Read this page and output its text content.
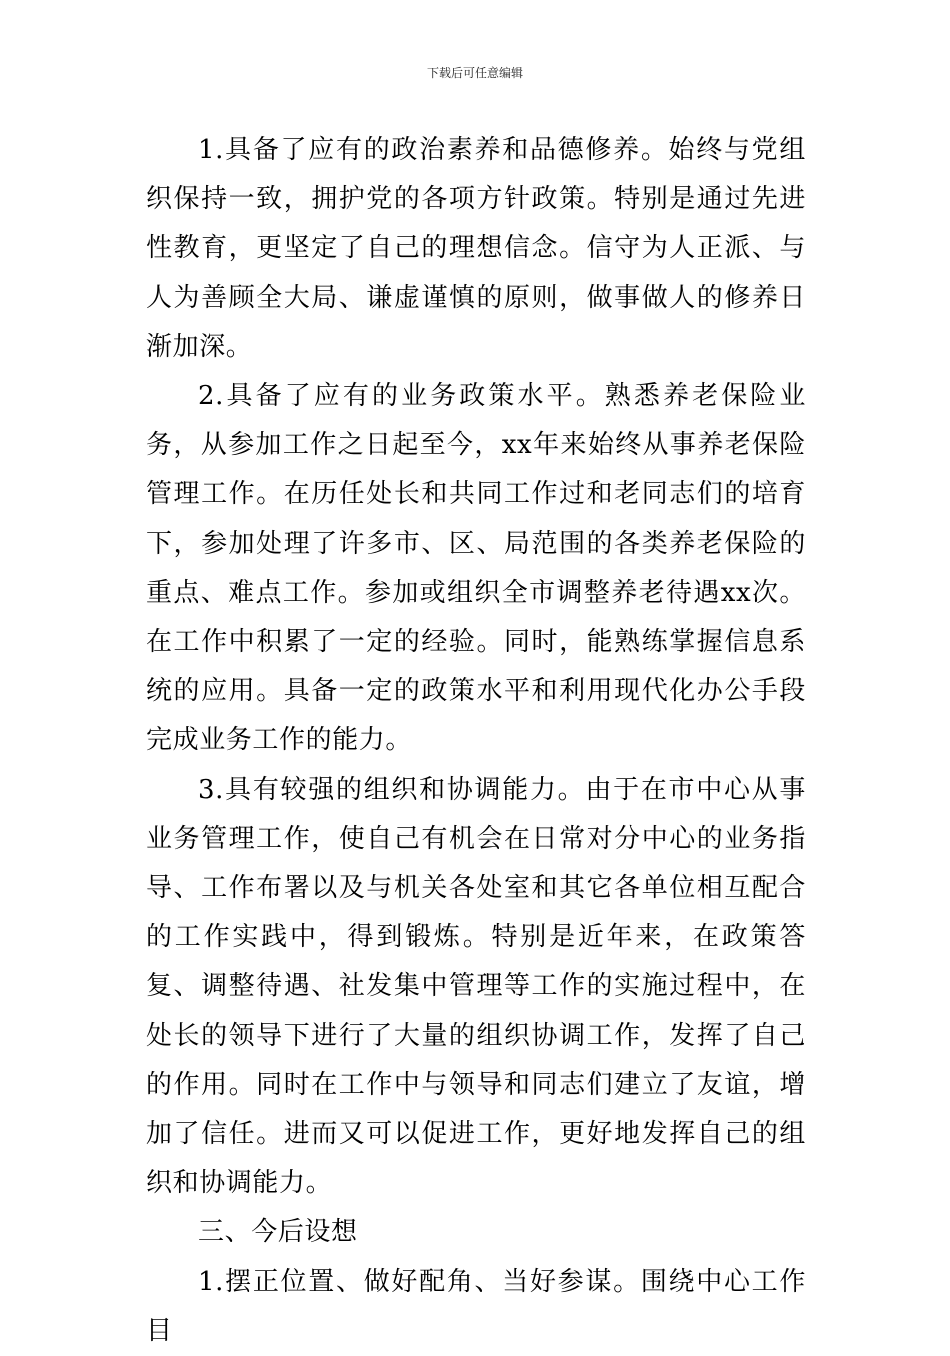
下载后可任意编辑

1.具备了应有的政治素养和品德修养。始终与党组织保持一致，拥护党的各项方针政策。特别是通过先进性教育，更坚定了自己的理想信念。信守为人正派、与人为善顾全大局、谦虚谨慎的原则，做事做人的修养日渐加深。

2.具备了应有的业务政策水平。熟悉养老保险业务，从参加工作之日起至今，xx年来始终从事养老保险管理工作。在历任处长和共同工作过和老同志们的培育下，参加处理了许多市、区、局范围的各类养老保险的重点、难点工作。参加或组织全市调整养老待遇xx次。在工作中积累了一定的经验。同时，能熟练掌握信息系统的应用。具备一定的政策水平和利用现代化办公手段完成业务工作的能力。

3.具有较强的组织和协调能力。由于在市中心从事业务管理工作，使自己有机会在日常对分中心的业务指导、工作布署以及与机关各处室和其它各单位相互配合的工作实践中，得到锻炼。特别是近年来，在政策答复、调整待遇、社发集中管理等工作的实施过程中，在处长的领导下进行了大量的组织协调工作，发挥了自己的作用。同时在工作中与领导和同志们建立了友谊，增加了信任。进而又可以促进工作，更好地发挥自己的组织和协调能力。

三、今后设想

1.摆正位置、做好配角、当好参谋。围绕中心工作目
